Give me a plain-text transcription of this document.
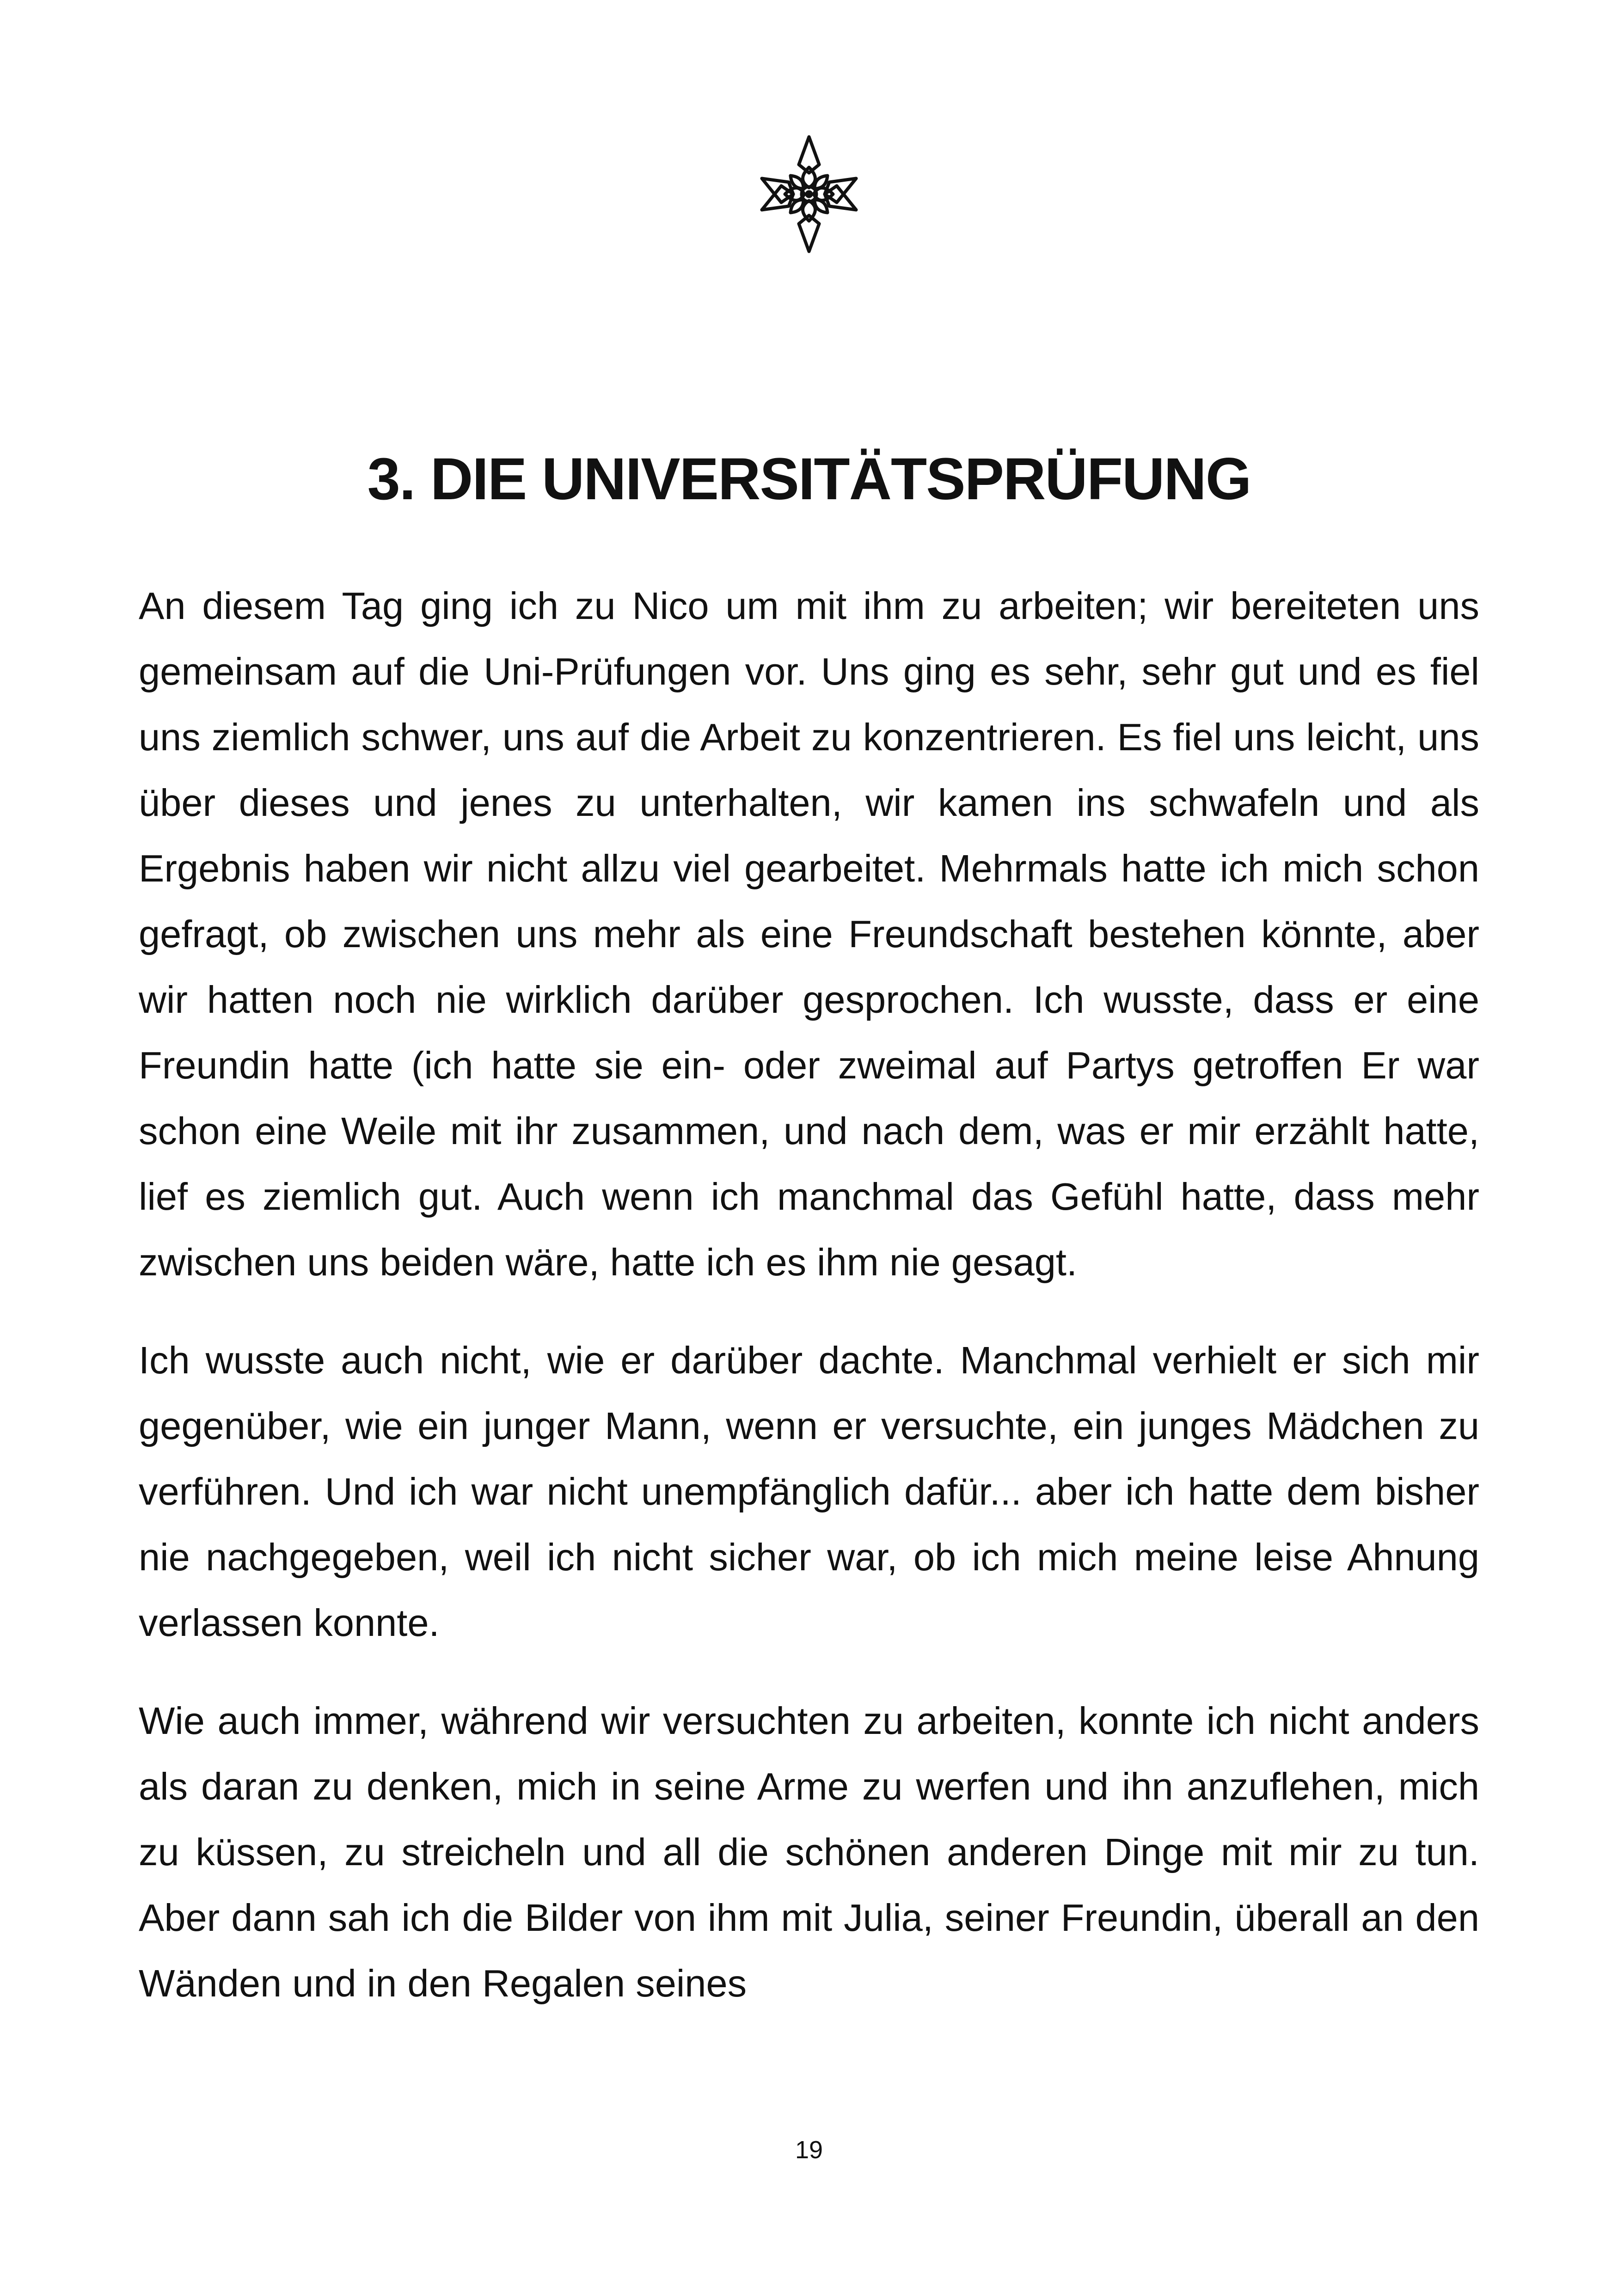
3. DIE UNIVERSITÄTSPRÜFUNG

An diesem Tag ging ich zu Nico um mit ihm zu arbeiten; wir bereiteten uns gemeinsam auf die Uni-Prüfungen vor. Uns ging es sehr, sehr gut und es fiel uns ziemlich schwer, uns auf die Arbeit zu konzentrieren. Es fiel uns leicht, uns über dieses und jenes zu unterhalten, wir kamen ins schwafeln und als Ergebnis haben wir nicht allzu viel gearbeitet. Mehrmals hatte ich mich schon gefragt, ob zwischen uns mehr als eine Freundschaft bestehen könnte, aber wir hatten noch nie wirklich darüber gesprochen. Ich wusste, dass er eine Freundin hatte (ich hatte sie ein- oder zweimal auf Partys getroffen Er war schon eine Weile mit ihr zusammen, und nach dem, was er mir erzählt hatte, lief es ziemlich gut. Auch wenn ich manchmal das Gefühl hatte, dass mehr zwischen uns beiden wäre, hatte ich es ihm nie gesagt.

Ich wusste auch nicht, wie er darüber dachte. Manchmal verhielt er sich mir gegenüber, wie ein junger Mann, wenn er versuchte, ein junges Mädchen zu verführen. Und ich war nicht unempfänglich dafür... aber ich hatte dem bisher nie nachgegeben, weil ich nicht sicher war, ob ich mich meine leise Ahnung verlassen konnte.

Wie auch immer, während wir versuchten zu arbeiten, konnte ich nicht anders als daran zu denken, mich in seine Arme zu werfen und ihn anzuflehen, mich zu küssen, zu streicheln und all die schönen anderen Dinge mit mir zu tun. Aber dann sah ich die Bilder von ihm mit Julia, seiner Freundin, überall an den Wänden und in den Regalen seines

19
